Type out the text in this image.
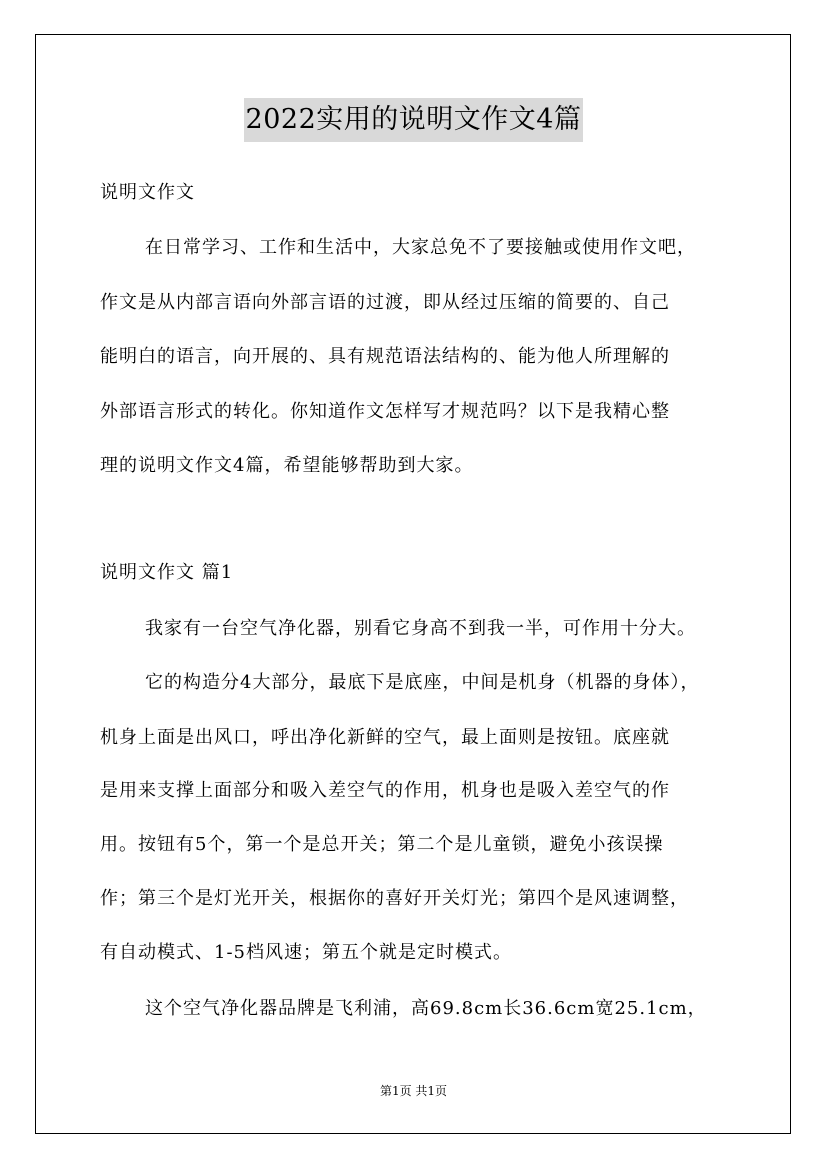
2022实用的说明文作文4篇
说明文作文
在日常学习、工作和生活中，大家总免不了要接触或使用作文吧，
作文是从内部言语向外部言语的过渡，即从经过压缩的简要的、自己
能明白的语言，向开展的、具有规范语法结构的、能为他人所理解的
外部语言形式的转化。你知道作文怎样写才规范吗？以下是我精心整
理的说明文作文4篇，希望能够帮助到大家。
说明文作文 篇1
我家有一台空气净化器，别看它身高不到我一半，可作用十分大。
它的构造分4大部分，最底下是底座，中间是机身（机器的身体），
机身上面是出风口，呼出净化新鲜的空气，最上面则是按钮。底座就
是用来支撑上面部分和吸入差空气的作用，机身也是吸入差空气的作
用。按钮有5个，第一个是总开关；第二个是儿童锁，避免小孩误操
作；第三个是灯光开关，根据你的喜好开关灯光；第四个是风速调整，
有自动模式、1-5档风速；第五个就是定时模式。
这个空气净化器品牌是飞利浦，高69.8cm长36.6cm宽25.1cm，
第1页 共1页
